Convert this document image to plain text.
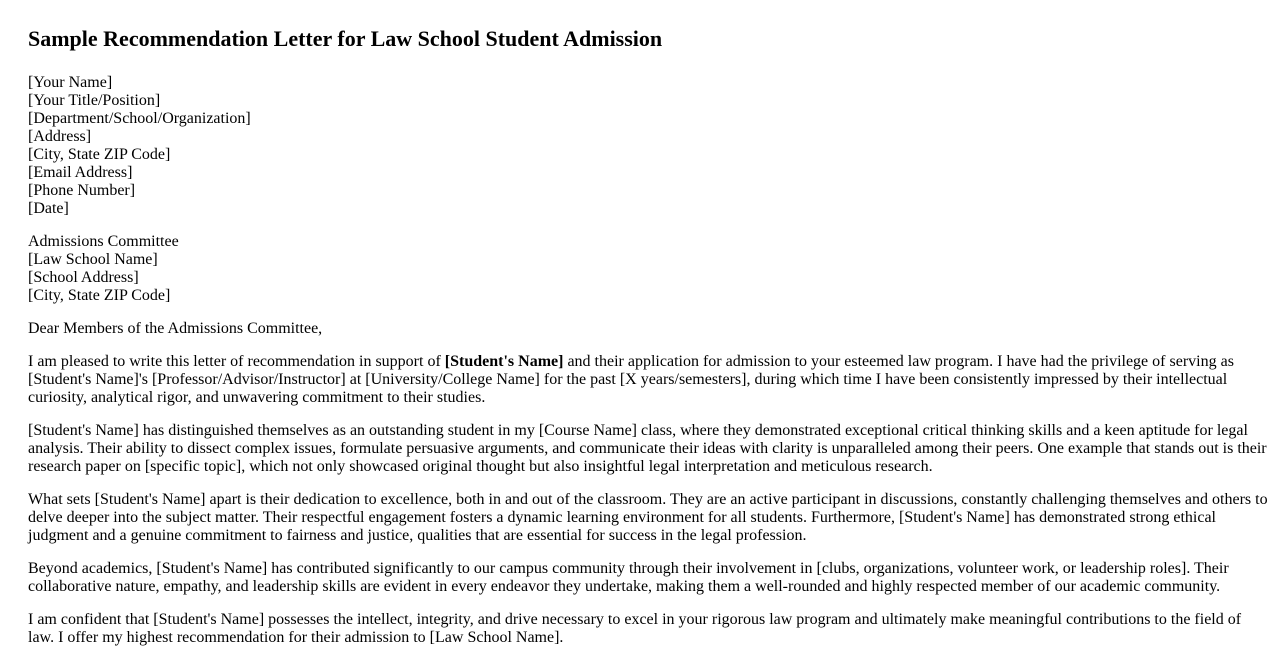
Sample Recommendation Letter for Law School Student Admission

[Your Name]
[Your Title/Position]
[Department/School/Organization]
[Address]
[City, State ZIP Code]
[Email Address]
[Phone Number]
[Date]

Admissions Committee
[Law School Name]
[School Address]
[City, State ZIP Code]

Dear Members of the Admissions Committee,

I am pleased to write this letter of recommendation in support of [Student's Name] and their application for admission to your esteemed law program. I have had the privilege of serving as [Student's Name]'s [Professor/Advisor/Instructor] at [University/College Name] for the past [X years/semesters], during which time I have been consistently impressed by their intellectual curiosity, analytical rigor, and unwavering commitment to their studies.

[Student's Name] has distinguished themselves as an outstanding student in my [Course Name] class, where they demonstrated exceptional critical thinking skills and a keen aptitude for legal analysis. Their ability to dissect complex issues, formulate persuasive arguments, and communicate their ideas with clarity is unparalleled among their peers. One example that stands out is their research paper on [specific topic], which not only showcased original thought but also insightful legal interpretation and meticulous research.

What sets [Student's Name] apart is their dedication to excellence, both in and out of the classroom. They are an active participant in discussions, constantly challenging themselves and others to delve deeper into the subject matter. Their respectful engagement fosters a dynamic learning environment for all students. Furthermore, [Student's Name] has demonstrated strong ethical judgment and a genuine commitment to fairness and justice, qualities that are essential for success in the legal profession.

Beyond academics, [Student's Name] has contributed significantly to our campus community through their involvement in [clubs, organizations, volunteer work, or leadership roles]. Their collaborative nature, empathy, and leadership skills are evident in every endeavor they undertake, making them a well-rounded and highly respected member of our academic community.

I am confident that [Student's Name] possesses the intellect, integrity, and drive necessary to excel in your rigorous law program and ultimately make meaningful contributions to the field of law. I offer my highest recommendation for their admission to [Law School Name].
